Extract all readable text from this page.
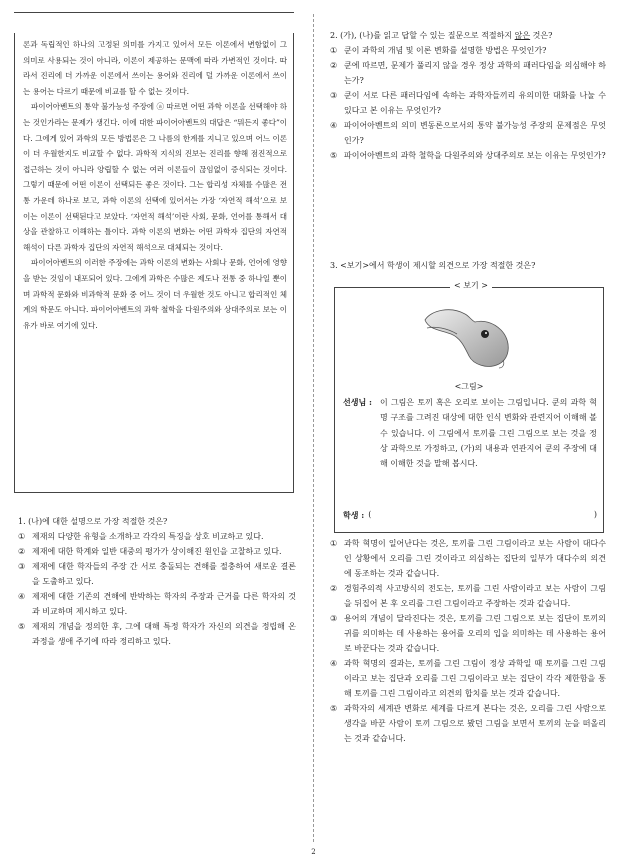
론과 독립적인 하나의 고정된 의미를 가지고 있어서 모든 이론에서 변함없이 그 의미로 사용되는 것이 아니라, 이론이 제공하는 문맥에 따라 가변적인 것이다. 따라서 진리에 더 가까운 이론에서 쓰이는 용어와 진리에 덜 가까운 이론에서 쓰이는 용어는 다르기 때문에 비교를 할 수 없는 것이다.

파이어아벤트의 통약 불가능성 주장에 ⓐ 따르면 어떤 과학 이론을 선택해야 하는 것인가라는 문제가 생긴다. 이에 대한 파이어아벤트의 대답은 “뭐든지 좋다”이다. 그에게 있어 과학의 모든 방법론은 그 나름의 한계를 지니고 있으며 어느 이론이 더 우월한지도 비교할 수 없다. 과학적 지식의 진보는 진리를 향해 점진적으로 접근하는 것이 아니라 양립할 수 없는 여러 이론들이 끊임없이 증식되는 것이다. 그렇기 때문에 어떤 이론이 선택되든 좋은 것이다. 그는 합리성 자체를 수많은 전통 가운데 하나로 보고, 과학 이론의 선택에 있어서는 가장 ‘자연적 해석’으로 보이는 이론이 선택된다고 보았다. ‘자연적 해석’이란 사회, 문화, 언어를 통해서 대상을 관찰하고 이해하는 틀이다. 과학 이론의 변화는 어떤 과학자 집단의 자연적 해석이 다른 과학자 집단의 자연적 해석으로 대체되는 것이다.

파이어아벤트의 이러한 주장에는 과학 이론의 변화는 사회나 문화, 언어에 영향을 받는 것임이 내포되어 있다. 그에게 과학은 수많은 제도나 전통 중 하나일 뿐이며 과학적 문화와 비과학적 문화 중 어느 것이 더 우월한 것도 아니고 합리적인 체계의 학문도 아니다. 파이어아벤트의 과학 철학을 다원주의와 상대주의로 보는 이유가 바로 여기에 있다.

1. (나)에 대한 설명으로 가장 적절한 것은?

① 제재의 다양한 유형을 소개하고 각각의 특징을 상호 비교하고 있다.
② 제재에 대한 학계와 일반 대중의 평가가 상이해진 원인을 고찰하고 있다.
③ 제재에 대한 학자들의 주장 간 서로 충돌되는 견해를 절충하여 새로운 결론을 도출하고 있다.
④ 제재에 대한 기존의 견해에 반박하는 학자의 주장과 근거를 다른 학자의 것과 비교하며 제시하고 있다.
⑤ 제재의 개념을 정의한 후, 그에 대해 특정 학자가 자신의 의견을 정립해 온 과정을 생애 주기에 따라 정리하고 있다.

2. (가), (나)를 읽고 답할 수 있는 질문으로 적절하지 않은 것은?

① 쿤이 과학의 개념 및 이론 변화를 설명한 방법은 무엇인가?
② 쿤에 따르면, 문제가 풀리지 않을 경우 정상 과학의 패러다임을 의심해야 하는가?
③ 쿤이 서로 다른 패러다임에 속하는 과학자들끼리 유의미한 대화를 나눌 수 있다고 본 이유는 무엇인가?
④ 파이어아벤트의 의미 변동론으로서의 통약 불가능성 주장의 문제점은 무엇인가?
⑤ 파이어아벤트의 과학 철학을 다원주의와 상대주의로 보는 이유는 무엇인가?

3. <보기>에서 학생이 제시할 의견으로 가장 적절한 것은?

< 보기 >
<그림>
선생님 :	이 그림은 토끼 혹은 오리로 보이는 그림입니다. 쿤의 과학 혁명 구조를 그려진 대상에 대한 인식 변화와 관련지어 이해해 볼 수 있습니다. 이 그림에서 토끼를 그린 그림으로 보는 것을 정상 과학으로 가정하고, (가)의 내용과 연관지어 쿤의 주장에 대해 이해한 것을 말해 봅시다.
학생 : (	)
① 과학 혁명이 일어난다는 것은, 토끼를 그린 그림이라고 보는 사람이 대다수인 상황에서 오리를 그린 것이라고 의심하는 집단의 일부가 대다수의 의견에 동조하는 것과 같습니다.
② 경험주의적 사고방식의 전도는, 토끼를 그린 사람이라고 보는 사람이 그림을 뒤집어 본 후 오리를 그린 그림이라고 주장하는 것과 같습니다.
③ 용어의 개념이 달라진다는 것은, 토끼를 그린 그림으로 보는 집단이 토끼의 귀를 의미하는 데 사용하는 용어를 오리의 입을 의미하는 데 사용하는 용어로 바꾼다는 것과 같습니다.
④ 과학 혁명의 결과는, 토끼를 그린 그림이 정상 과학일 때 토끼를 그린 그림이라고 보는 집단과 오리를 그린 그림이라고 보는 집단이 각각 제한함을 통해 토끼를 그린 그림이라고 의견의 합치를 보는 것과 같습니다.
⑤ 과학자의 세계관 변화로 세계를 다르게 본다는 것은, 오리를 그린 사람으로 생각을 바꾼 사람이 토끼 그림으로 봤던 그림을 보면서 토끼의 눈을 떠올리는 것과 같습니다.
2
